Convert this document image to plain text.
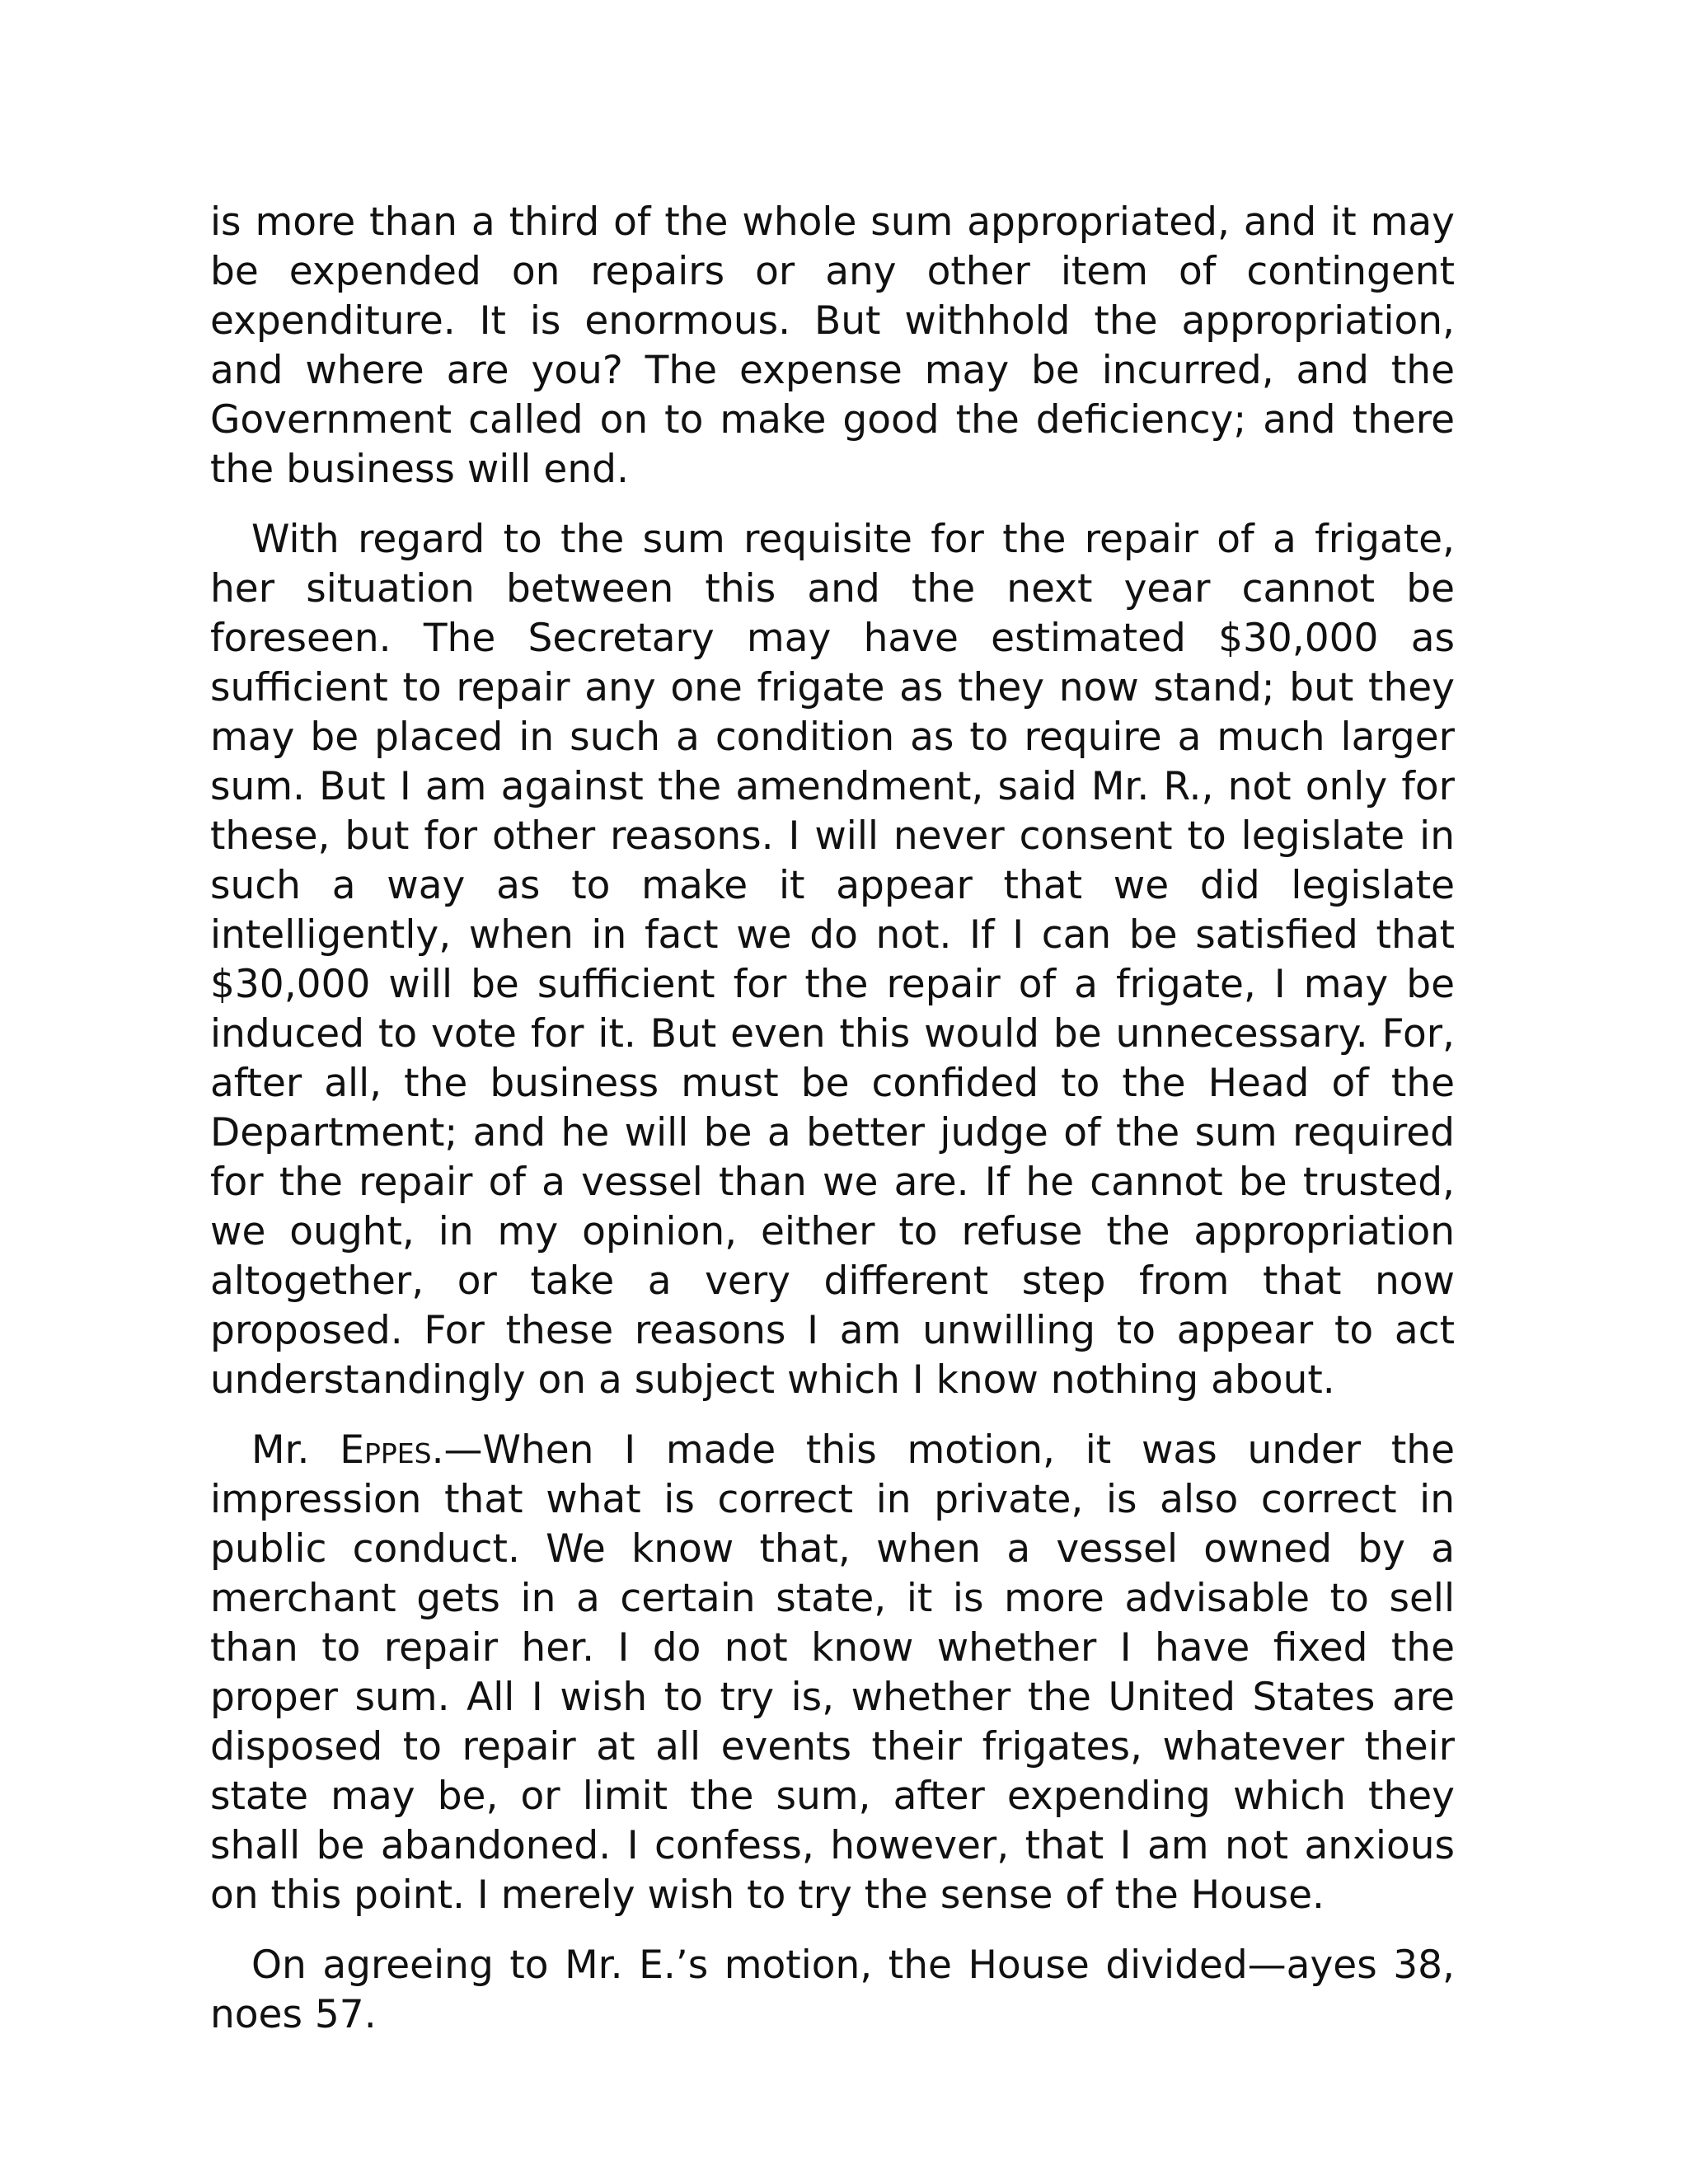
is more than a third of the whole sum appropriated, and it may be expended on repairs or any other item of contingent expenditure. It is enormous. But withhold the appropriation, and where are you? The expense may be incurred, and the Government called on to make good the deficiency; and there the business will end.

With regard to the sum requisite for the repair of a frigate, her situation between this and the next year cannot be foreseen. The Secretary may have estimated $30,000 as sufficient to repair any one frigate as they now stand; but they may be placed in such a condition as to require a much larger sum. But I am against the amendment, said Mr. R., not only for these, but for other reasons. I will never consent to legislate in such a way as to make it appear that we did legislate intelligently, when in fact we do not. If I can be satisfied that $30,000 will be sufficient for the repair of a frigate, I may be induced to vote for it. But even this would be unnecessary. For, after all, the business must be confided to the Head of the Department; and he will be a better judge of the sum required for the repair of a vessel than we are. If he cannot be trusted, we ought, in my opinion, either to refuse the appropriation altogether, or take a very different step from that now proposed. For these reasons I am unwilling to appear to act understandingly on a subject which I know nothing about.

Mr. Eppes.—When I made this motion, it was under the impression that what is correct in private, is also correct in public conduct. We know that, when a vessel owned by a merchant gets in a certain state, it is more advisable to sell than to repair her. I do not know whether I have fixed the proper sum. All I wish to try is, whether the United States are disposed to repair at all events their frigates, whatever their state may be, or limit the sum, after expending which they shall be abandoned. I confess, however, that I am not anxious on this point. I merely wish to try the sense of the House.

On agreeing to Mr. E.’s motion, the House divided—ayes 38, noes 57.
